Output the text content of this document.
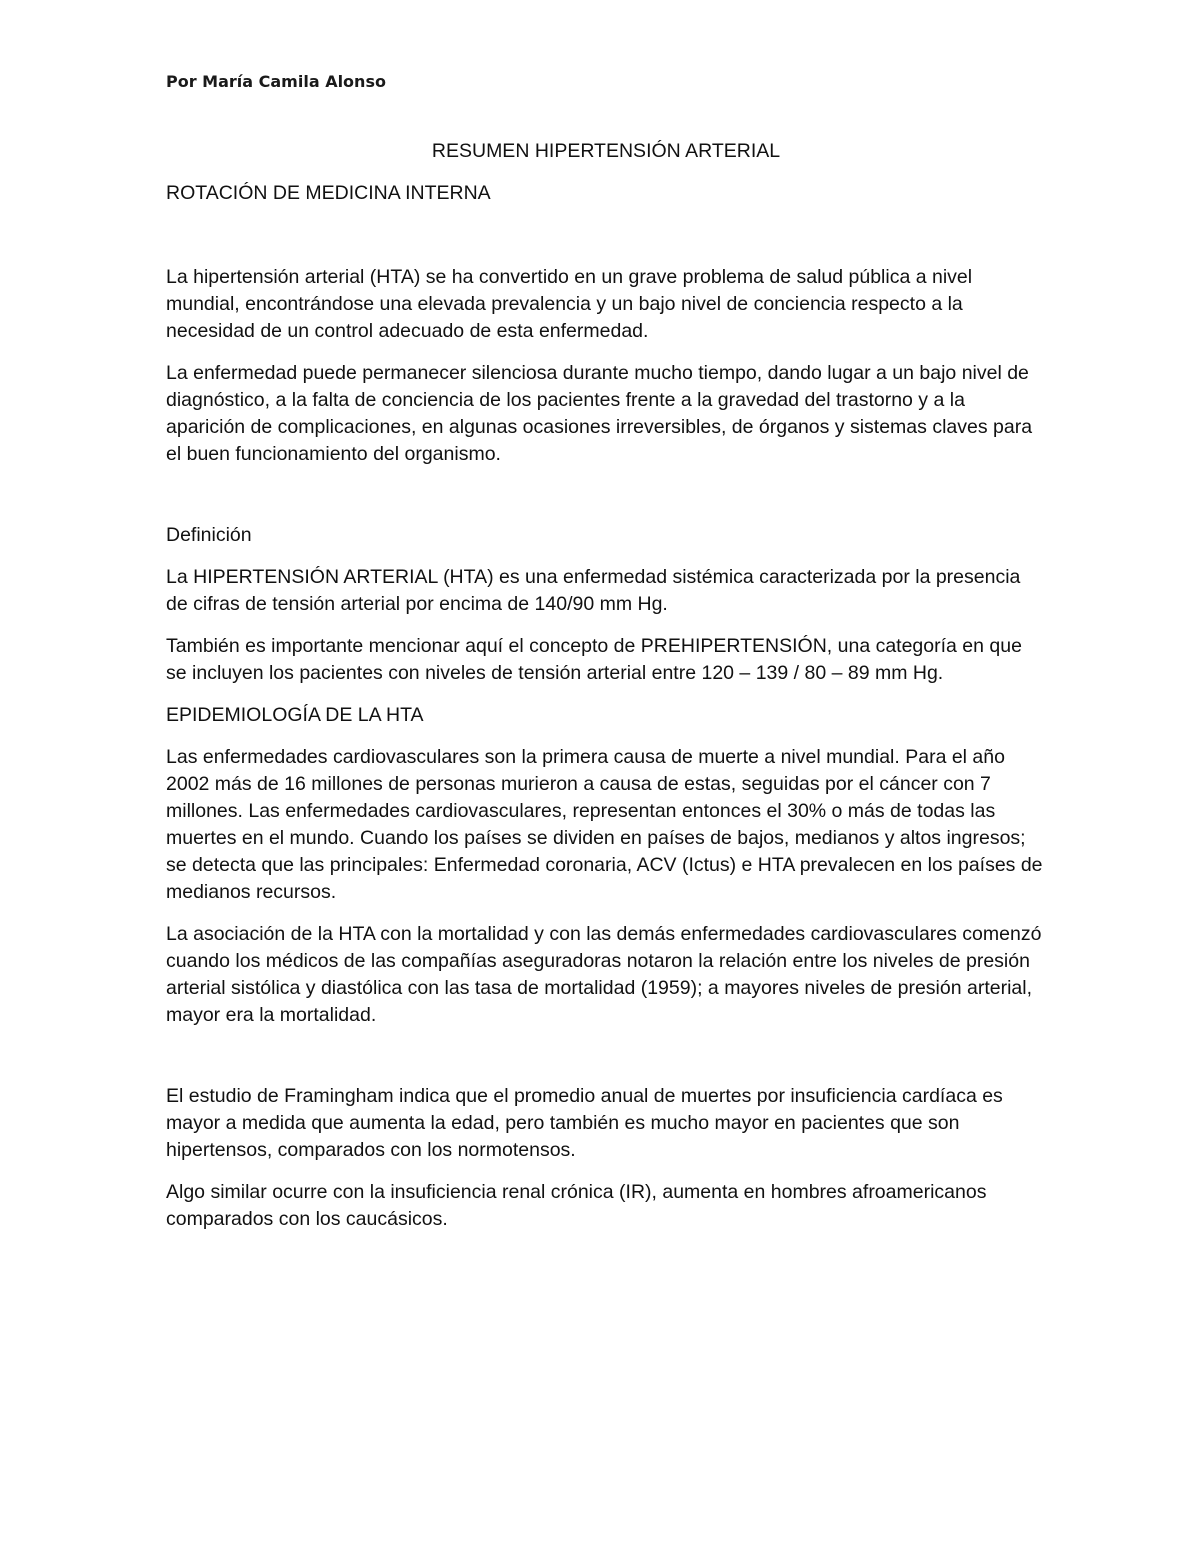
Por María Camila Alonso

RESUMEN HIPERTENSIÓN ARTERIAL

ROTACIÓN DE MEDICINA INTERNA

La hipertensión arterial (HTA) se ha convertido en un grave problema de salud pública a nivel mundial, encontrándose una elevada prevalencia y un bajo nivel de conciencia respecto a la necesidad de un control adecuado de esta enfermedad.

La enfermedad puede permanecer silenciosa durante mucho tiempo, dando lugar a un bajo nivel de diagnóstico, a la falta de conciencia de los pacientes frente a la gravedad del trastorno y a la aparición de complicaciones, en algunas ocasiones irreversibles, de órganos y sistemas claves para el buen funcionamiento del organismo.

Definición

La HIPERTENSIÓN ARTERIAL (HTA) es una enfermedad sistémica caracterizada por la presencia de cifras de tensión arterial por encima de 140/90 mm Hg.

También es importante mencionar aquí el concepto de PREHIPERTENSIÓN, una categoría en que se incluyen los pacientes con niveles de tensión arterial entre 120 – 139 / 80 – 89 mm Hg.

EPIDEMIOLOGÍA DE LA HTA

Las enfermedades cardiovasculares son la primera causa de muerte a nivel mundial. Para el año 2002 más de 16 millones de personas murieron a causa de estas, seguidas por el cáncer con 7 millones. Las enfermedades cardiovasculares, representan entonces el 30% o más de todas las muertes en el mundo. Cuando los países se dividen en países de bajos, medianos y altos ingresos; se detecta que las principales: Enfermedad coronaria, ACV (Ictus) e HTA prevalecen en los países de medianos recursos.

La asociación de la HTA con la mortalidad y con las demás enfermedades cardiovasculares comenzó cuando los médicos de las compañías aseguradoras notaron la relación entre los niveles de presión arterial sistólica y diastólica con las tasa de mortalidad (1959); a mayores niveles de presión arterial, mayor era la mortalidad.

El estudio de Framingham indica que el promedio anual de muertes por insuficiencia cardíaca es mayor a medida que aumenta la edad, pero también es mucho mayor en pacientes que son hipertensos, comparados con los normotensos.

Algo similar ocurre con la insuficiencia renal crónica (IR), aumenta en hombres afroamericanos comparados con los caucásicos.
